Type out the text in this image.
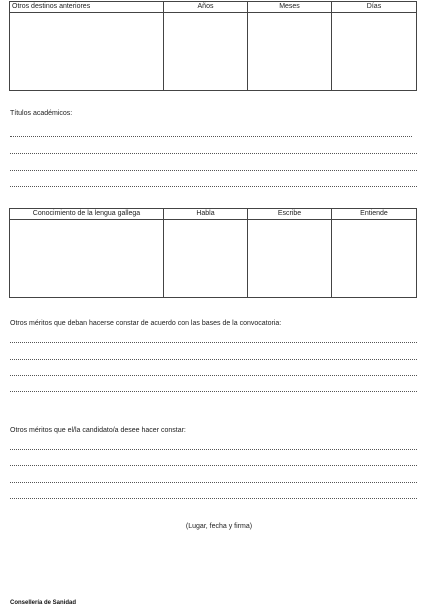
Otros destinos anteriores	Años	Meses	Días

Títulos académicos:
Conocimiento de la lengua gallega	Habla	Escribe	Entiende

Otros méritos que deban hacerse constar de acuerdo con las bases de la convocatoria:
Otros méritos que el/la candidato/a desee hacer constar:
(Lugar, fecha y firma)
Consellería de Sanidad
